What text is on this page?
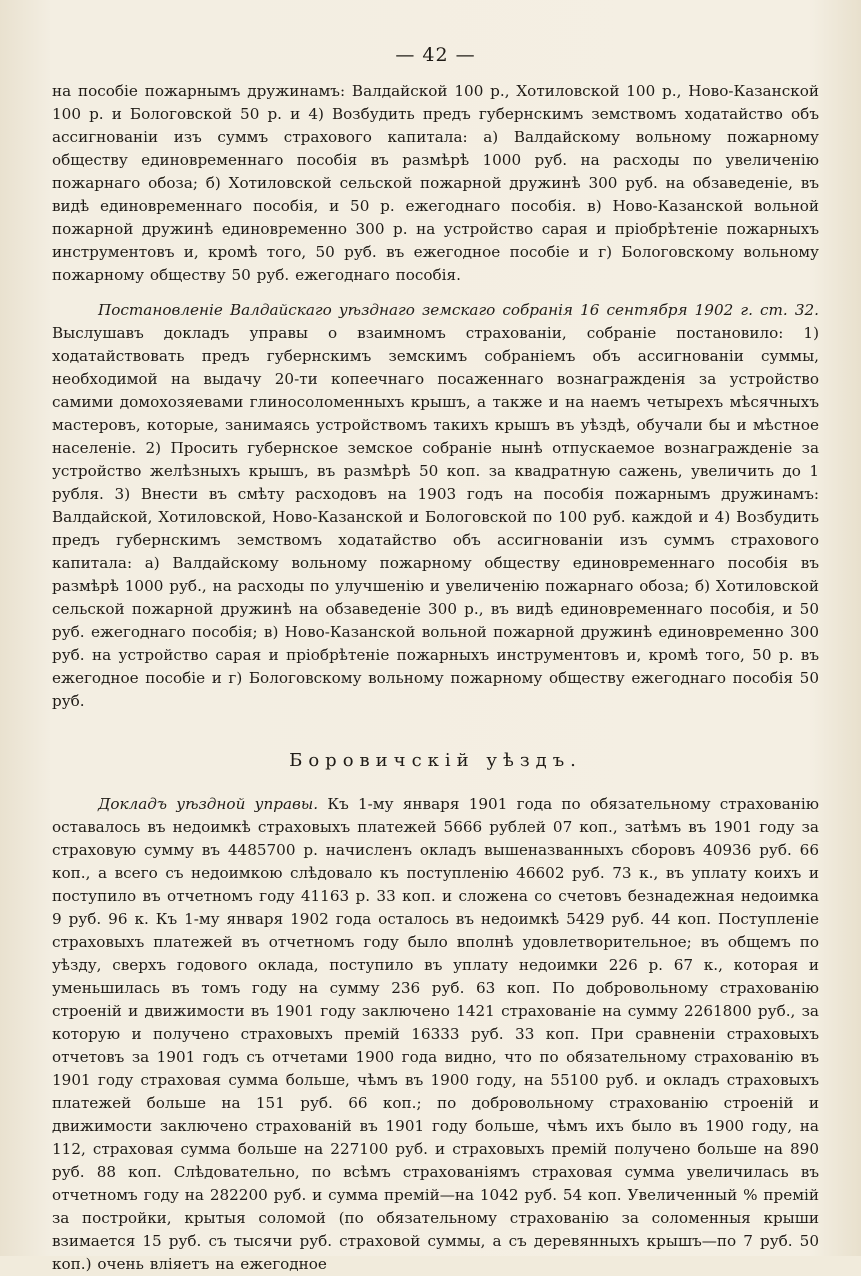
— 42 —

на пособіе пожарнымъ дружинамъ: Валдайской 100 р., Хотиловской 100 р., Ново-Казанской 100 р. и Бологовской 50 р. и 4) Возбудить предъ губернскимъ земствомъ ходатайство объ ассигнованіи изъ суммъ страхового капитала: а) Валдайскому вольному пожарному обществу единовременнаго пособія въ размѣрѣ 1000 руб. на расходы по увеличенію пожарнаго обоза; б) Хотиловской сельской пожарной дружинѣ 300 руб. на обзаведеніе, въ видѣ единовременнаго пособія, и 50 р. ежегоднаго пособія. в) Ново-Казанской вольной пожарной дружинѣ единовременно 300 р. на устройство сарая и пріобрѣтеніе пожарныхъ инструментовъ и, кромѣ того, 50 руб. въ ежегодное пособіе и г) Бологовскому вольному пожарному обществу 50 руб. ежегоднаго пособія.

Постановленіе Валдайскаго уѣзднаго земскаго собранія 16 сентября 1902 г. ст. 32. Выслушавъ докладъ управы о взаимномъ страхованіи, собраніе постановило: 1) ходатайствовать предъ губернскимъ земскимъ собраніемъ объ ассигнованіи суммы, необходимой на выдачу 20-ти копеечнаго посаженнаго вознагражденія за устройство самими домохозяевами глиносоломенныхъ крышъ, а также и на наемъ четырехъ мѣсячныхъ мастеровъ, которые, занимаясь устройствомъ такихъ крышъ въ уѣздѣ, обучали бы и мѣстное населеніе. 2) Просить губернское земское собраніе нынѣ отпускаемое вознагражденіе за устройство желѣзныхъ крышъ, въ размѣрѣ 50 коп. за квадратную сажень, увеличить до 1 рубля. 3) Внести въ смѣту расходовъ на 1903 годъ на пособія пожарнымъ дружинамъ: Валдайской, Хотиловской, Ново-Казанской и Бологовской по 100 руб. каждой и 4) Возбудить предъ губернскимъ земствомъ ходатайство объ ассигнованіи изъ суммъ страхового капитала: а) Валдайскому вольному пожарному обществу единовременнаго пособія въ размѣрѣ 1000 руб., на расходы по улучшенію и увеличенію пожарнаго обоза; б) Хотиловской сельской пожарной дружинѣ на обзаведеніе 300 р., въ видѣ единовременнаго пособія, и 50 руб. ежегоднаго пособія; в) Ново-Казанской вольной пожарной дружинѣ единовременно 300 руб. на устройство сарая и пріобрѣтеніе пожарныхъ инструментовъ и, кромѣ того, 50 р. въ ежегодное пособіе и г) Бологовскому вольному пожарному обществу ежегоднаго пособія 50 руб.

Боровичскій уѣздъ.

Докладъ уѣздной управы. Къ 1-му января 1901 года по обязательному страхованію оставалось въ недоимкѣ страховыхъ платежей 5666 рублей 07 коп., затѣмъ въ 1901 году за страховую сумму въ 4485700 р. начисленъ окладъ вышеназванныхъ сборовъ 40936 руб. 66 коп., а всего съ недоимкою слѣдовало къ поступленію 46602 руб. 73 к., въ уплату коихъ и поступило въ отчетномъ году 41163 р. 33 коп. и сложена со счетовъ безнадежная недоимка 9 руб. 96 к. Къ 1-му января 1902 года осталось въ недоимкѣ 5429 руб. 44 коп. Поступленіе страховыхъ платежей въ отчетномъ году было вполнѣ удовлетворительное; въ общемъ по уѣзду, сверхъ годового оклада, поступило въ уплату недоимки 226 р. 67 к., которая и уменьшилась въ томъ году на сумму 236 руб. 63 коп. По добровольному страхованію строеній и движимости въ 1901 году заключено 1421 страхованіе на сумму 2261800 руб., за которую и получено страховыхъ премій 16333 руб. 33 коп. При сравненіи страховыхъ отчетовъ за 1901 годъ съ отчетами 1900 года видно, что по обязательному страхованію въ 1901 году страховая сумма больше, чѣмъ въ 1900 году, на 55100 руб. и окладъ страховыхъ платежей больше на 151 руб. 66 коп.; по добровольному страхованію строеній и движимости заключено страхованій въ 1901 году больше, чѣмъ ихъ было въ 1900 году, на 112, страховая сумма больше на 227100 руб. и страховыхъ премій получено больше на 890 руб. 88 коп. Слѣдовательно, по всѣмъ страхованіямъ страховая сумма увеличилась въ отчетномъ году на 282200 руб. и сумма премій—на 1042 руб. 54 коп. Увеличенный % премій за постройки, крытыя соломой (по обязательному страхованію за соломенныя крыши взимается 15 руб. съ тысячи руб. страховой суммы, а съ деревянныхъ крышъ—по 7 руб. 50 коп.) очень вліяетъ на ежегодное
